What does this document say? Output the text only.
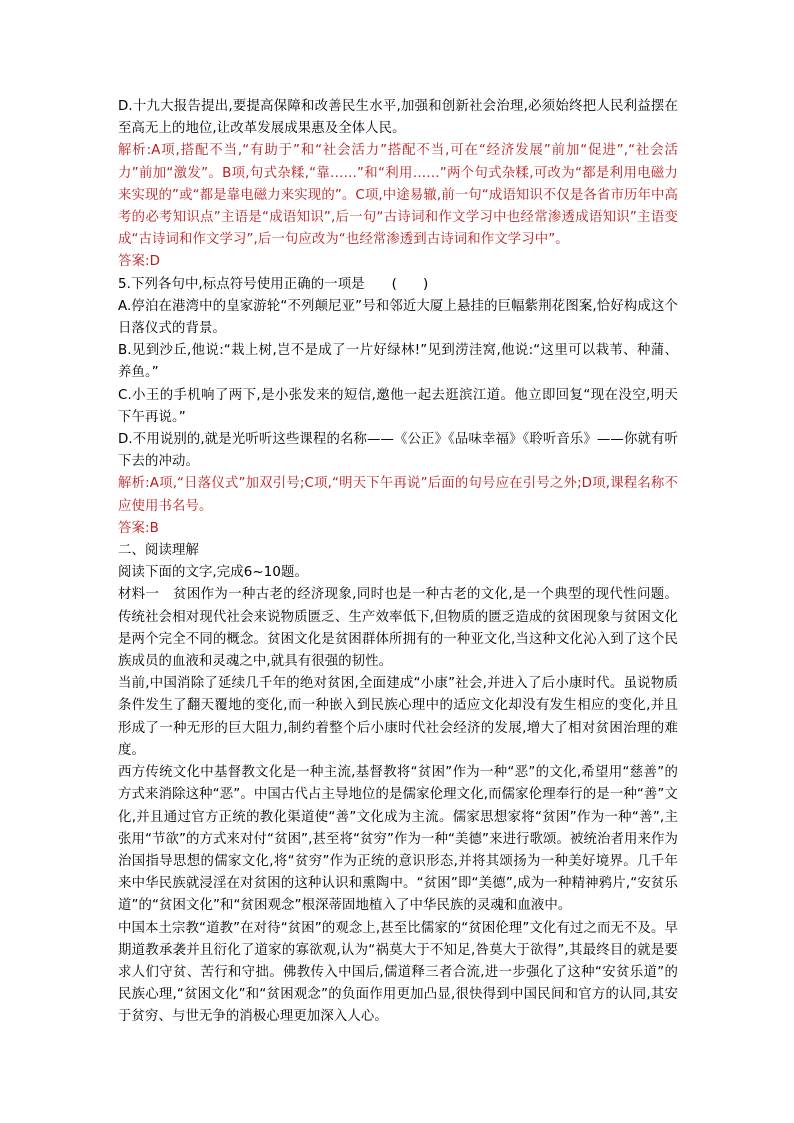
D.十九大报告提出,要提高保障和改善民生水平,加强和创新社会治理,必须始终把人民利益摆在至高无上的地位,让改革发展成果惠及全体人民。

解析:A项,搭配不当,“有助于”和“社会活力”搭配不当,可在“经济发展”前加“促进”,“社会活力”前加“激发”。B项,句式杂糅,“靠……”和“利用……”两个句式杂糅,可改为“都是利用电磁力来实现的”或“都是靠电磁力来实现的”。C项,中途易辙,前一句“成语知识不仅是各省市历年中高考的必考知识点”主语是“成语知识”,后一句“古诗词和作文学习中也经常渗透成语知识”主语变成“古诗词和作文学习”,后一句应改为“也经常渗透到古诗词和作文学习中”。

答案:D

5.下列各句中,标点符号使用正确的一项是　　 ( )

A.停泊在港湾中的皇家游轮“不列颠尼亚”号和邻近大厦上悬挂的巨幅紫荆花图案,恰好构成这个日落仪式的背景。

B.见到沙丘,他说:“栽上树,岂不是成了一片好绿林!”见到涝洼窝,他说:“这里可以栽苇、种蒲、养鱼。”

C.小王的手机响了两下,是小张发来的短信,邀他一起去逛滨江道。他立即回复“现在没空,明天下午再说。”

D.不用说别的,就是光听听这些课程的名称——《公正》《品味幸福》《聆听音乐》——你就有听下去的冲动。

解析:A项,“日落仪式”加双引号;C项,“明天下午再说”后面的句号应在引号之外;D项,课程名称不应使用书名号。

答案:B

二、阅读理解

阅读下面的文字,完成6~10题。

材料一　贫困作为一种古老的经济现象,同时也是一种古老的文化,是一个典型的现代性问题。传统社会相对现代社会来说物质匮乏、生产效率低下,但物质的匮乏造成的贫困现象与贫困文化是两个完全不同的概念。贫困文化是贫困群体所拥有的一种亚文化,当这种文化沁入到了这个民族成员的血液和灵魂之中,就具有很强的韧性。

当前,中国消除了延续几千年的绝对贫困,全面建成“小康”社会,并进入了后小康时代。虽说物质条件发生了翻天覆地的变化,而一种嵌入到民族心理中的适应文化却没有发生相应的变化,并且形成了一种无形的巨大阻力,制约着整个后小康时代社会经济的发展,增大了相对贫困治理的难度。

西方传统文化中基督教文化是一种主流,基督教将“贫困”作为一种“恶”的文化,希望用“慈善”的方式来消除这种“恶”。中国古代占主导地位的是儒家伦理文化,而儒家伦理奉行的是一种“善”文化,并且通过官方正统的教化渠道使“善”文化成为主流。儒家思想家将“贫困”作为一种“善”,主张用“节欲”的方式来对付“贫困”,甚至将“贫穷”作为一种“美德”来进行歌颂。被统治者用来作为治国指导思想的儒家文化,将“贫穷”作为正统的意识形态,并将其颂扬为一种美好境界。几千年来中华民族就浸淫在对贫困的这种认识和熏陶中。“贫困”即“美德”,成为一种精神鸦片,“安贫乐道”的“贫困文化”和“贫困观念”根深蒂固地植入了中华民族的灵魂和血液中。

中国本土宗教“道教”在对待“贫困”的观念上,甚至比儒家的“贫困伦理”文化有过之而无不及。早期道教承袭并且衍化了道家的寡欲观,认为“祸莫大于不知足,咎莫大于欲得”,其最终目的就是要求人们守贫、苦行和守拙。佛教传入中国后,儒道释三者合流,进一步强化了这种“安贫乐道”的民族心理,“贫困文化”和“贫困观念”的负面作用更加凸显,很快得到中国民间和官方的认同,其安于贫穷、与世无争的消极心理更加深入人心。
